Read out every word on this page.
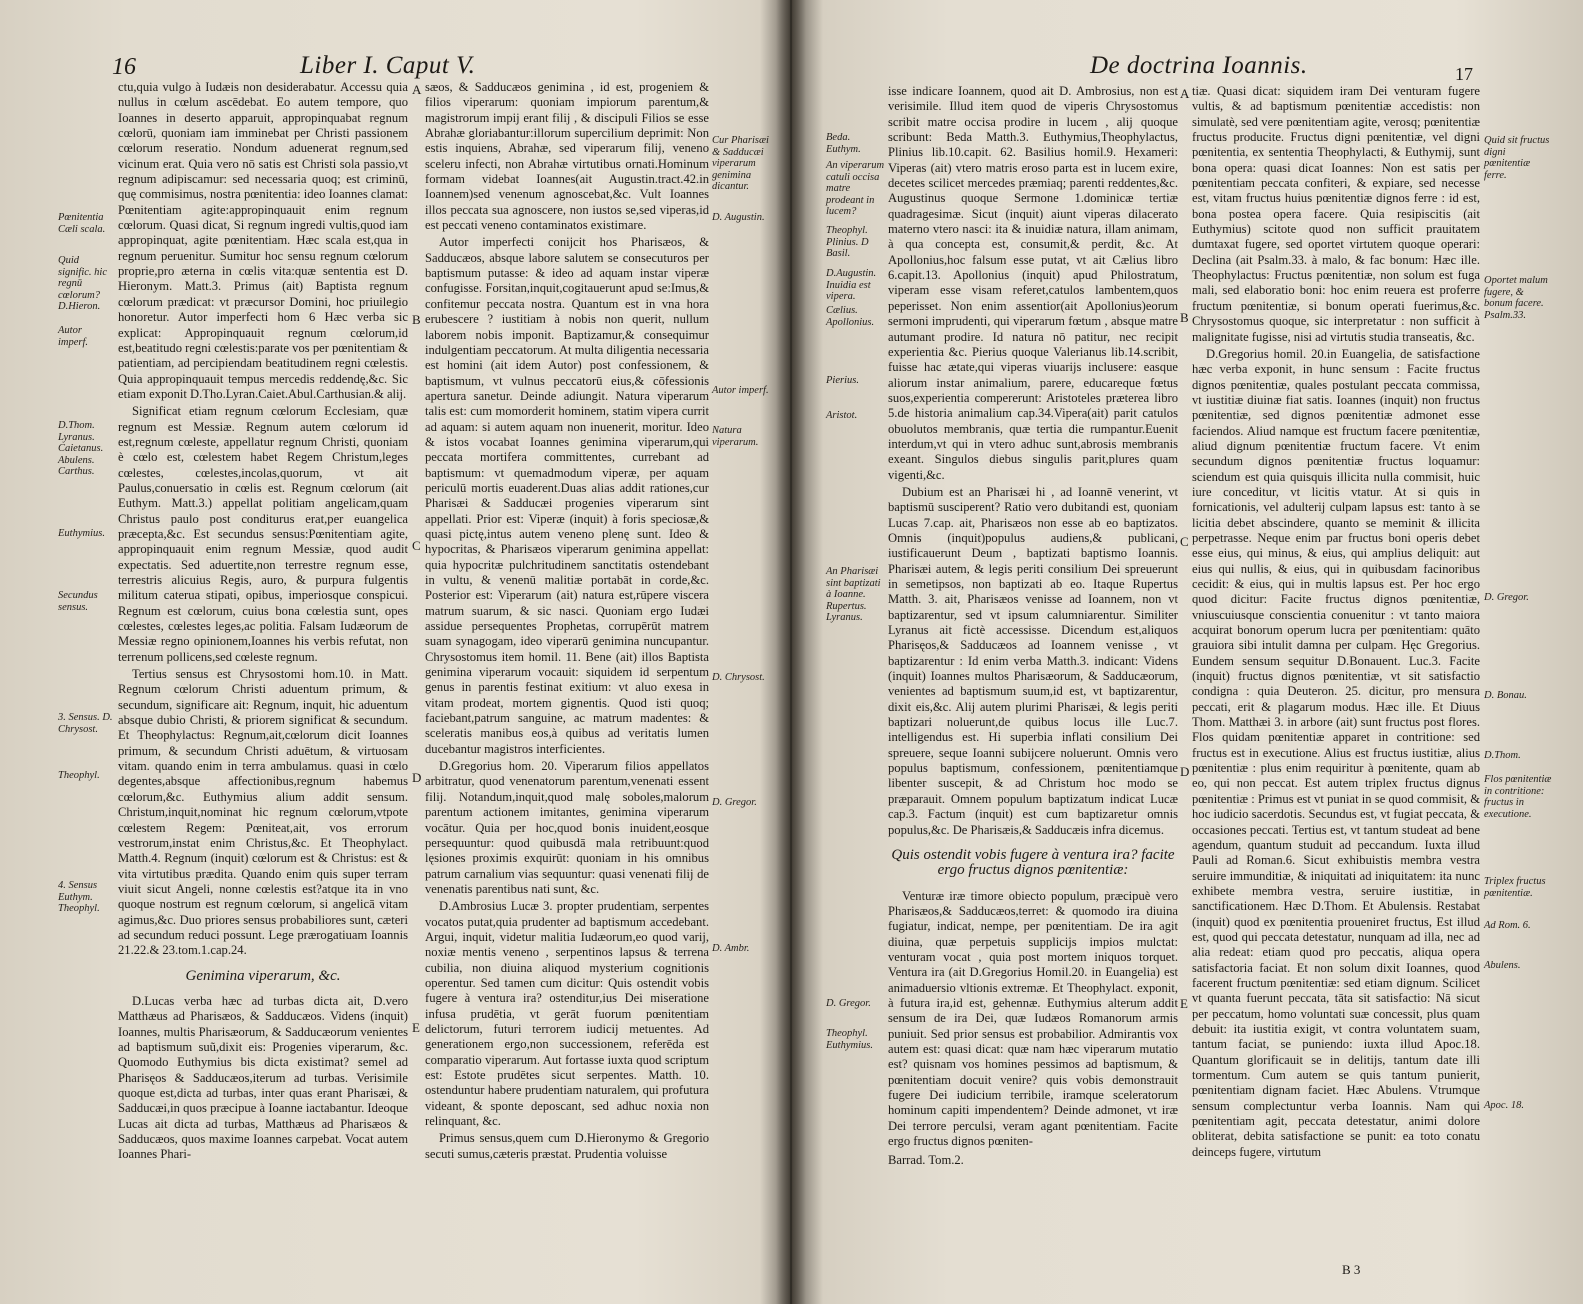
16	Liber I. Caput V.

ctu,quia vulgo à Iudæis non desiderabatur. Accessu quia nullus in cœlum ascēdebat. Eo autem tempore, quo Ioannes in deserto apparuit, appropinquabat regnum cœlorū, quoniam iam imminebat per Christi passionem cœlorum reseratio. Nondum aduenerat regnum,sed vicinum erat. Quia vero nō satis est Christi sola passio,vt regnum adipiscamur: sed necessaria quoq; est criminū, quę commisimus, nostra pœnitentia: ideo Ioannes clamat: Pœnitentiam agite:appropinquauit enim regnum cœlorum. Quasi dicat, Si regnum ingredi vultis,quod iam appropinquat, agite pœnitentiam. Hæc scala est,qua in regnum peruenitur. Sumitur hoc sensu regnum cœlorum proprie,pro æterna in cœlis vita:quæ sententia est D. Hieronym. Matt.3. Primus (ait) Baptista regnum cœlorum prædicat: vt præcursor Domini, hoc priuilegio honoretur. Autor imperfecti hom 6 Hæc verba sic explicat: Appropinquauit regnum cœlorum,id est,beatitudo regni cœlestis:parate vos per pœnitentiam & patientiam, ad percipiendam beatitudinem regni cœlestis. Quia appropinquauit tempus mercedis reddendę,&c. Sic etiam exponit D.Tho.Lyran.Caiet.Abul.Carthusian.& alij.

Significat etiam regnum cœlorum Ecclesiam, quæ regnum est Messiæ. Regnum autem cœlorum id est,regnum cœleste, appellatur regnum Christi, quoniam è cœlo est, cœlestem habet Regem Christum,leges cœlestes, cœlestes,incolas,quorum, vt ait Paulus,conuersatio in cœlis est. Regnum cœlorum (ait Euthym. Matt.3.) appellat politiam angelicam,quam Christus paulo post conditurus erat,per euangelica præcepta,&c. Est secundus sensus:Pœnitentiam agite, appropinquauit enim regnum Messiæ, quod audit expectatis. Sed aduertite,non terrestre regnum esse, terrestris alicuius Regis, auro, & purpura fulgentis militum caterua stipati, opibus, imperiosque conspicui. Regnum est cœlorum, cuius bona cœlestia sunt, opes cœlestes, cœlestes leges,ac politia. Falsam Iudæorum de Messiæ regno opinionem,Ioannes his verbis refutat, non terrenum pollicens,sed cœleste regnum.

Tertius sensus est Chrysostomi hom.10. in Matt. Regnum cœlorum Christi aduentum primum, & secundum, significare ait: Regnum, inquit, hic aduentum absque dubio Christi, & priorem significat & secundum. Et Theophylactus: Regnum,ait,cœlorum dicit Ioannes primum, & secundum Christi aduētum, & virtuosam vitam. quando enim in terra ambulamus. quasi in cœlo degentes,absque affectionibus,regnum habemus cœlorum,&c. Euthymius alium addit sensum. Christum,inquit,nominat hic regnum cœlorum,vtpote cœlestem Regem: Pœniteat,ait, vos errorum vestrorum,instat enim Christus,&c. Et Theophylact. Matth.4. Regnum (inquit) cœlorum est & Christus: est & vita virtutibus prædita. Quando enim quis super terram viuit sicut Angeli, nonne cœlestis est?atque ita in vno quoque nostrum est regnum cœlorum, si angelicā vitam agimus,&c. Duo priores sensus probabiliores sunt, cæteri ad secundum reduci possunt. Lege prærogatiuam Ioannis 21.22.& 23.tom.1.cap.24.

Genimina viperarum, &c.

D.Lucas verba hæc ad turbas dicta ait, D.vero Matthæus ad Pharisæos, & Sadducæos. Videns (inquit) Ioannes, multis Pharisæorum, & Sadducæorum venientes ad baptismum suũ,dixit eis: Progenies viperarum, &c. Quomodo Euthymius bis dicta existimat? semel ad Pharisęos & Sadducæos,iterum ad turbas. Verisimile quoque est,dicta ad turbas, inter quas erant Pharisæi, & Sadducæi,in quos præcipue à Ioanne iactabantur. Ideoque Lucas ait dicta ad turbas, Matthæus ad Pharisæos & Sadducæos, quos maxime Ioannes carpebat. Vocat autem Ioannes Phari-

sæos, & Sadducæos genimina , id est, progeniem & filios viperarum: quoniam impiorum parentum,& magistrorum impij erant filij , & discipuli Filios se esse Abrahæ gloriabantur:illorum supercilium deprimit: Non estis inquiens, Abrahæ, sed viperarum filij, veneno sceleru infecti, non Abrahæ virtutibus ornati.Hominum formam videbat Ioannes(ait Augustin.tract.42.in Ioannem)sed venenum agnoscebat,&c. Vult Ioannes illos peccata sua agnoscere, non iustos se,sed viperas,id est peccati veneno contaminatos existimare.

Autor imperfecti conijcit hos Pharisæos, & Sadducæos, absque labore salutem se consecuturos per baptismum putasse: & ideo ad aquam instar viperæ confugisse. Forsitan,inquit,cogitauerunt apud se:Imus,& confitemur peccata nostra. Quantum est in vna hora erubescere ? iustitiam à nobis non querit, nullum laborem nobis imponit. Baptizamur,& consequimur indulgentiam peccatorum. At multa diligentia necessaria est homini (ait idem Autor) post confessionem, & baptismum, vt vulnus peccatorū eius,& cōfessionis apertura sanetur. Deinde adiungit. Natura viperarum talis est: cum momorderit hominem, statim vipera currit ad aquam: si autem aquam non inuenerit, moritur. Ideo & istos vocabat Ioannes genimina viperarum,qui peccata mortifera committentes, currebant ad baptismum: vt quemadmodum viperæ, per aquam periculū mortis euaderent.Duas alias addit rationes,cur Pharisæi & Sadducæi progenies viperarum sint appellati. Prior est: Viperæ (inquit) à foris speciosæ,& quasi pictę,intus autem veneno plenę sunt. Ideo & hypocritas, & Pharisæos viperarum genimina appellat: quia hypocritæ pulchritudinem sanctitatis ostendebant in vultu, & venenū malitiæ portabāt in corde,&c. Posterior est: Viperarum (ait) natura est,rūpere viscera matrum suarum, & sic nasci. Quoniam ergo Iudæi assidue persequentes Prophetas, corrupērūt matrem suam synagogam, ideo viperarū genimina nuncupantur. Chrysostomus item homil. 11. Bene (ait) illos Baptista genimina viperarum vocauit: siquidem id serpentum genus in parentis festinat exitium: vt aluo exesa in vitam prodeat, mortem gignentis. Quod isti quoq; faciebant,patrum sanguine, ac matrum madentes: & sceleratis manibus eos,à quibus ad veritatis lumen ducebantur magistros interficientes.

D.Gregorius hom. 20. Viperarum filios appellatos arbitratur, quod venenatorum parentum,venenati essent filij. Notandum,inquit,quod malę soboles,malorum parentum actionem imitantes, genimina viperarum vocātur. Quia per hoc,quod bonis inuident,eosque persequuntur: quod quibusdā mala retribuunt:quod lęsiones proximis exquirūt: quoniam in his omnibus patrum carnalium vias sequuntur: quasi venenati filij de venenatis parentibus nati sunt, &c.

D.Ambrosius Lucæ 3. propter prudentiam, serpentes vocatos putat,quia prudenter ad baptismum accedebant. Argui, inquit, videtur malitia Iudæorum,eo quod varij, noxiæ mentis veneno , serpentinos lapsus & terrena cubilia, non diuina aliquod mysterium cognitionis operentur. Sed tamen cum dicitur: Quis ostendit vobis fugere à ventura ira? ostenditur,ius Dei miseratione infusa prudētia, vt gerāt fuorum pœnitentiam delictorum, futuri terrorem iudicij metuentes. Ad generationem ergo,non successionem, referēda est comparatio viperarum. Aut fortasse iuxta quod scriptum est: Estote prudētes sicut serpentes. Matth. 10. ostenduntur habere prudentiam naturalem, qui profutura videant, & sponte deposcant, sed adhuc noxia non relinquant, &c.

Primus sensus,quem cum D.Hieronymo & Gregorio secuti sumus,cæteris præstat. Prudentia voluisse

A
B
C
D
E
Pœnitentia Cæli scala.
Quid signific. hic regnū cœlorum? D.Hieron.
Autor imperf.
D.Thom. Lyranus. Caietanus. Abulens. Carthus.
Euthymius.
Secundus sensus.
3. Sensus. D. Chrysost.
Theophyl.
4. Sensus Euthym. Theophyl.
Cur Pharisæi & Sadducæi viperarum genimina dicantur.
D. Augustin.
Autor imperf.
Natura viperarum.
D. Chrysost.
D. Gregor.
D. Ambr.
De doctrina Ioannis.	17

isse indicare Ioannem, quod ait D. Ambrosius, non est verisimile. Illud item quod de viperis Chrysostomus scribit matre occisa prodire in lucem , alij quoque scribunt: Beda Matth.3. Euthymius,Theophylactus, Plinius lib.10.capit. 62. Basilius homil.9. Hexameri: Viperas (ait) vtero matris eroso parta est in lucem exire, decetes scilicet mercedes præmiaq; parenti reddentes,&c. Augustinus quoque Sermone 1.dominicæ tertiæ quadragesimæ. Sicut (inquit) aiunt viperas dilacerato materno vtero nasci: ita & inuidiæ natura, illam animam, à qua concepta est, consumit,& perdit, &c. At Apollonius,hoc falsum esse putat, vt ait Cælius libro 6.capit.13. Apollonius (inquit) apud Philostratum, viperam esse visam referet,catulos lambentem,quos peperisset. Non enim assentior(ait Apollonius)eorum sermoni imprudenti, qui viperarum fœtum , absque matre autumant prodire. Id natura nō patitur, nec recipit experientia &c. Pierius quoque Valerianus lib.14.scribit, fuisse hac ætate,qui viperas viuarijs inclusere: easque aliorum instar animalium, parere, educareque fœtus suos,experientia compererunt: Aristoteles præterea libro 5.de historia animalium cap.34.Vipera(ait) parit catulos obuolutos membranis, quæ tertia die rumpantur.Euenit interdum,vt qui in vtero adhuc sunt,abrosis membranis exeant. Singulos diebus singulis parit,plures quam vigenti,&c.

Dubium est an Pharisæi hi , ad Ioannē venerint, vt baptismū susciperent? Ratio vero dubitandi est, quoniam Lucas 7.cap. ait, Pharisæos non esse ab eo baptizatos. Omnis (inquit)populus audiens,& publicani, iustificauerunt Deum , baptizati baptismo Ioannis. Pharisæi autem, & legis periti consilium Dei spreuerunt in semetipsos, non baptizati ab eo. Itaque Rupertus Matth. 3. ait, Pharisæos venisse ad Ioannem, non vt baptizarentur, sed vt ipsum calumniarentur. Similiter Lyranus ait fictè accessisse. Dicendum est,aliquos Pharisęos,& Sadducæos ad Ioannem venisse , vt baptizarentur : Id enim verba Matth.3. indicant: Videns (inquit) Ioannes multos Pharisæorum, & Sadducæorum, venientes ad baptismum suum,id est, vt baptizarentur, dixit eis,&c. Alij autem plurimi Pharisæi, & legis periti baptizari noluerunt,de quibus locus ille Luc.7. intelligendus est. Hi superbia inflati consilium Dei spreuere, seque Ioanni subijcere noluerunt. Omnis vero populus baptismum, confessionem, pœnitentiamque libenter suscepit, & ad Christum hoc modo se præparauit. Omnem populum baptizatum indicat Lucæ cap.3. Factum (inquit) est cum baptizaretur omnis populus,&c. De Pharisæis,& Sadducæis infra dicemus.

Quis ostendit vobis fugere à ventura ira? facite ergo fructus dignos pœnitentiæ:

Venturæ iræ timore obiecto populum, præcipuè vero Pharisæos,& Sadducæos,terret: & quomodo ira diuina fugiatur, indicat, nempe, per pœnitentiam. De ira agit diuina, quæ perpetuis supplicijs impios mulctat: venturam vocat , quia post mortem iniquos torquet. Ventura ira (ait D.Gregorius Homil.20. in Euangelia) est animaduersio vltionis extremæ. Et Theophylact. exponit, à futura ira,id est, gehennæ. Euthymius alterum addit sensum de ira Dei, quæ Iudæos Romanorum armis puniuit. Sed prior sensus est probabilior. Admirantis vox autem est: quasi dicat: quæ nam hæc viperarum mutatio est? quisnam vos homines pessimos ad baptismum, & pœnitentiam docuit venire? quis vobis demonstrauit fugere Dei iudicium terribile, iramque sceleratorum hominum capiti impendentem? Deinde admonet, vt iræ Dei terrore perculsi, veram agant pœnitentiam. Facite ergo fructus dignos pœniten-

Barrad. Tom.2.

tiæ. Quasi dicat: siquidem iram Dei venturam fugere vultis, & ad baptismum pœnitentiæ accedistis: non simulatè, sed vere pœnitentiam agite, verosq; pœnitentiæ fructus producite. Fructus digni pœnitentiæ, vel digni pœnitentia, ex sententia Theophylacti, & Euthymij, sunt bona opera: quasi dicat Ioannes: Non est satis per pœnitentiam peccata confiteri, & expiare, sed necesse est, vitam fructus huius pœnitentiæ dignos ferre : id est, bona postea opera facere. Quia resipiscitis (ait Euthymius) scitote quod non sufficit prauitatem dumtaxat fugere, sed oportet virtutem quoque operari: Declina (ait Psalm.33. à malo, & fac bonum: Hæc ille. Theophylactus: Fructus pœnitentiæ, non solum est fuga mali, sed elaboratio boni: hoc enim reuera est proferre fructum pœnitentiæ, si bonum operati fuerimus,&c. Chrysostomus quoque, sic interpretatur : non sufficit à malignitate fugisse, nisi ad virtutis studia transeatis, &c.

D.Gregorius homil. 20.in Euangelia, de satisfactione hæc verba exponit, in hunc sensum : Facite fructus dignos pœnitentiæ, quales postulant peccata commissa, vt iustitiæ diuinæ fiat satis. Ioannes (inquit) non fructus pœnitentiæ, sed dignos pœnitentiæ admonet esse faciendos. Aliud namque est fructum facere pœnitentiæ, aliud dignum pœnitentiæ fructum facere. Vt enim secundum dignos pœnitentiæ fructus loquamur: sciendum est quia quisquis illicita nulla commisit, huic iure conceditur, vt licitis vtatur. At si quis in fornicationis, vel adulterij culpam lapsus est: tanto à se licitia debet abscindere, quanto se meminit & illicita perpetrasse. Neque enim par fructus boni operis debet esse eius, qui minus, & eius, qui amplius deliquit: aut eius qui nullis, & eius, qui in quibusdam facinoribus cecidit: & eius, qui in multis lapsus est. Per hoc ergo quod dicitur: Facite fructus dignos pœnitentiæ, vniuscuiusque conscientia conuenitur : vt tanto maiora acquirat bonorum operum lucra per pœnitentiam: quāto grauiora sibi intulit damna per culpam. Hęc Gregorius. Eundem sensum sequitur D.Bonauent. Luc.3. Facite (inquit) fructus dignos pœnitentiæ, vt sit satisfactio condigna : quia Deuteron. 25. dicitur, pro mensura peccati, erit & plagarum modus. Hæc ille. Et Diuus Thom. Matthæi 3. in arbore (ait) sunt fructus post flores. Flos quidam pœnitentiæ apparet in contritione: sed fructus est in executione. Alius est fructus iustitiæ, alius pœnitentiæ : plus enim requiritur à pœnitente, quam ab eo, qui non peccat. Est autem triplex fructus dignus pœnitentiæ : Primus est vt puniat in se quod commisit, & hoc iudicio sacerdotis. Secundus est, vt fugiat peccata, & occasiones peccati. Tertius est, vt tantum studeat ad bene agendum, quantum studuit ad peccandum. Iuxta illud Pauli ad Roman.6. Sicut exhibuistis membra vestra seruire immunditiæ, & iniquitati ad iniquitatem: ita nunc exhibete membra vestra, seruire iustitiæ, in sanctificationem. Hæc D.Thom. Et Abulensis. Restabat (inquit) quod ex pœnitentia proueniret fructus, Est illud est, quod qui peccata detestatur, nunquam ad illa, nec ad alia redeat: etiam quod pro peccatis, aliqua opera satisfactoria faciat. Et non solum dixit Ioannes, quod facerent fructum pœnitentiæ: sed etiam dignum. Scilicet vt quanta fuerunt peccata, tāta sit satisfactio: Nā sicut per peccatum, homo voluntati suæ concessit, plus quam debuit: ita iustitia exigit, vt contra voluntatem suam, tantum faciat, se puniendo: iuxta illud Apoc.18. Quantum glorificauit se in delitijs, tantum date illi tormentum. Cum autem se quis tantum punierit, pœnitentiam dignam faciet. Hæc Abulens. Vtrumque sensum complectuntur verba Ioannis. Nam qui pœnitentiam agit, peccata detestatur, animi dolore obliterat, debita satisfactione se punit: ea toto conatu deinceps fugere, virtutum

B 3
A
B
C
D
E
Beda. Euthym.
An viperarum catuli occisa matre prodeant in lucem?
Theophyl. Plinius. D Basil.
D.Augustin. Inuidia est vipera.
Cælius. Apollonius.
Pierius.
Aristot.
An Pharisæi sint baptizati à Ioanne. Rupertus. Lyranus.
D. Gregor.
Theophyl. Euthymius.
Quid sit fructus digni pœnitentiæ ferre.
Oportet malum fugere, & bonum facere. Psalm.33.
D. Gregor.
D. Bonau.
D.Thom.
Flos pœnitentiæ in contritione: fructus in executione.
Triplex fructus pœnitentiæ.
Ad Rom. 6.
Abulens.
Apoc. 18.
